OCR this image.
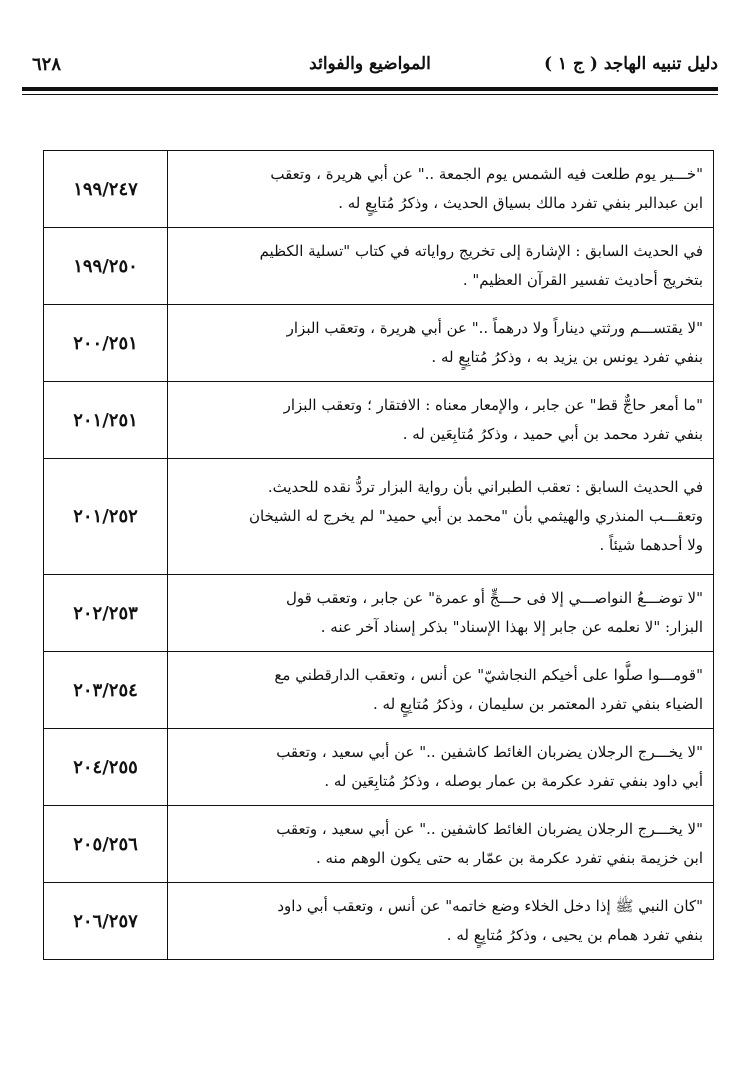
دليل تنبيه الهاجد ( ج ١ )
المواضيع والفوائد
٦٢٨
"خـــير يوم طلعت فيه الشمس يوم الجمعة .." عن أبي هريرة ، وتعقب
ابن عبدالبر بنفي تفرد مالك بسياق الحديث ، وذكرُ مُتابِعٍ له .	١٩٩/٢٤٧

في الحديث السابق : الإشارة إلى تخريج رواياته في كتاب "تسلية الكظيم
بتخريج أحاديث تفسير القرآن العظيم" .	١٩٩/٢٥٠

"لا يقتســـم ورثتي ديناراً ولا درهماً .." عن أبي هريرة ، وتعقب البزار
بنفي تفرد يونس بن يزيد به ، وذكرُ مُتابِعٍ له .	٢٠٠/٢٥١

"ما أمعر حاجٌّ قط" عن جابر ، والإمعار معناه : الافتقار ؛ وتعقب البزار
بنفي تفرد محمد بن أبي حميد ، وذكرُ مُتابِعَين له .	٢٠١/٢٥١

في الحديث السابق : تعقب الطبراني بأن رواية البزار تردُّ نقده للحديث.
وتعقـــب المنذري والهيثمي بأن "محمد بن أبي حميد" لم يخرج له الشيخان
ولا أحدهما شيئاً .	٢٠١/٢٥٢

"لا توضـــعُ النواصـــي إلا فى حـــجٍّ أو عمرة" عن جابر ، وتعقب قول
البزار: "لا نعلمه عن جابر إلا بهذا الإسناد" بذكر إسناد آخر عنه .	٢٠٢/٢٥٣

"قومـــوا صلُّوا على أخيكم النجاشيّ" عن أنس ، وتعقب الدارقطني مع
الضياء بنفي تفرد المعتمر بن سليمان ، وذكرُ مُتابِعٍ له .	٢٠٣/٢٥٤

"لا يخـــرج الرجلان يضربان الغائط كاشفين .." عن أبي سعيد ، وتعقب
أبي داود بنفي تفرد عكرمة بن عمار بوصله ، وذكرُ مُتابِعَين له .	٢٠٤/٢٥٥

"لا يخـــرج الرجلان يضربان الغائط كاشفين .." عن أبي سعيد ، وتعقب
ابن خزيمة بنفي تفرد عكرمة بن عمّار به حتى يكون الوهم منه .	٢٠٥/٢٥٦

"كان النبي ﷺ إذا دخل الخلاء وضع خاتمه" عن أنس ، وتعقب أبي داود
بنفي تفرد همام بن يحيى ، وذكرُ مُتابِعٍ له .	٢٠٦/٢٥٧
